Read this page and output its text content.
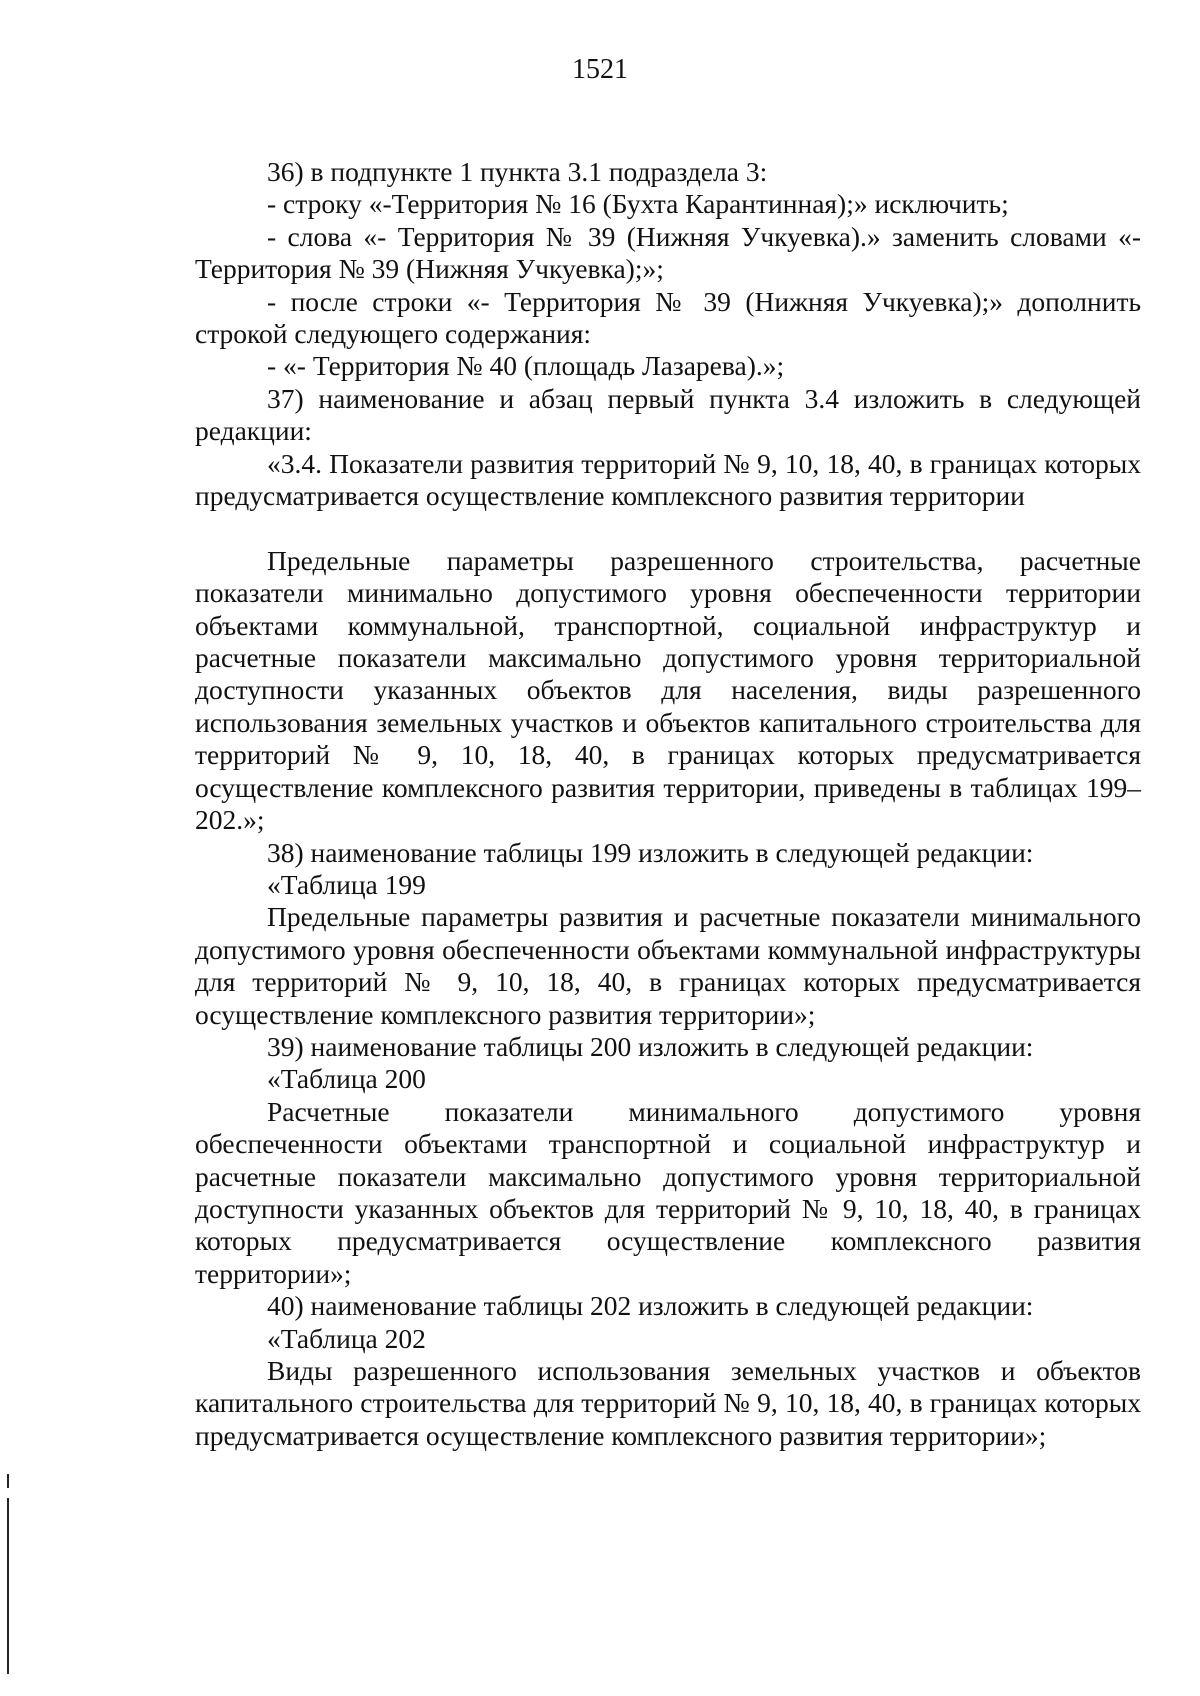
1521

36) в подпункте 1 пункта 3.1 подраздела 3:

- строку «-Территория № 16 (Бухта Карантинная);» исключить;

- слова «- Территория № 39 (Нижняя Учкуевка).» заменить словами «- Территория № 39 (Нижняя Учкуевка);»;

- после строки «- Территория № 39 (Нижняя Учкуевка);» дополнить строкой следующего содержания:

- «- Территория № 40 (площадь Лазарева).»;

37) наименование и абзац первый пункта 3.4 изложить в следующей редакции:

«3.4. Показатели развития территорий № 9, 10, 18, 40, в границах которых предусматривается осуществление комплексного развития территории

Предельные параметры разрешенного строительства, расчетные показатели минимально допустимого уровня обеспеченности территории объектами коммунальной, транспортной, социальной инфраструктур и расчетные показатели максимально допустимого уровня территориальной доступности указанных объектов для населения, виды разрешенного использования земельных участков и объектов капитального строительства для территорий № 9, 10, 18, 40, в границах которых предусматривается осуществление комплексного развития территории, приведены в таблицах 199–202.»;

38) наименование таблицы 199 изложить в следующей редакции:

«Таблица 199

Предельные параметры развития и расчетные показатели минимального допустимого уровня обеспеченности объектами коммунальной инфраструктуры для территорий № 9, 10, 18, 40, в границах которых предусматривается осуществление комплексного развития территории»;

39) наименование таблицы 200 изложить в следующей редакции:

«Таблица 200

Расчетные показатели минимального допустимого уровня обеспеченности объектами транспортной и социальной инфраструктур и расчетные показатели максимально допустимого уровня территориальной доступности указанных объектов для территорий № 9, 10, 18, 40, в границах которых предусматривается осуществление комплексного развития территории»;

40) наименование таблицы 202 изложить в следующей редакции:

«Таблица 202

Виды разрешенного использования земельных участков и объектов капитального строительства для территорий № 9, 10, 18, 40, в границах которых предусматривается осуществление комплексного развития территории»;
